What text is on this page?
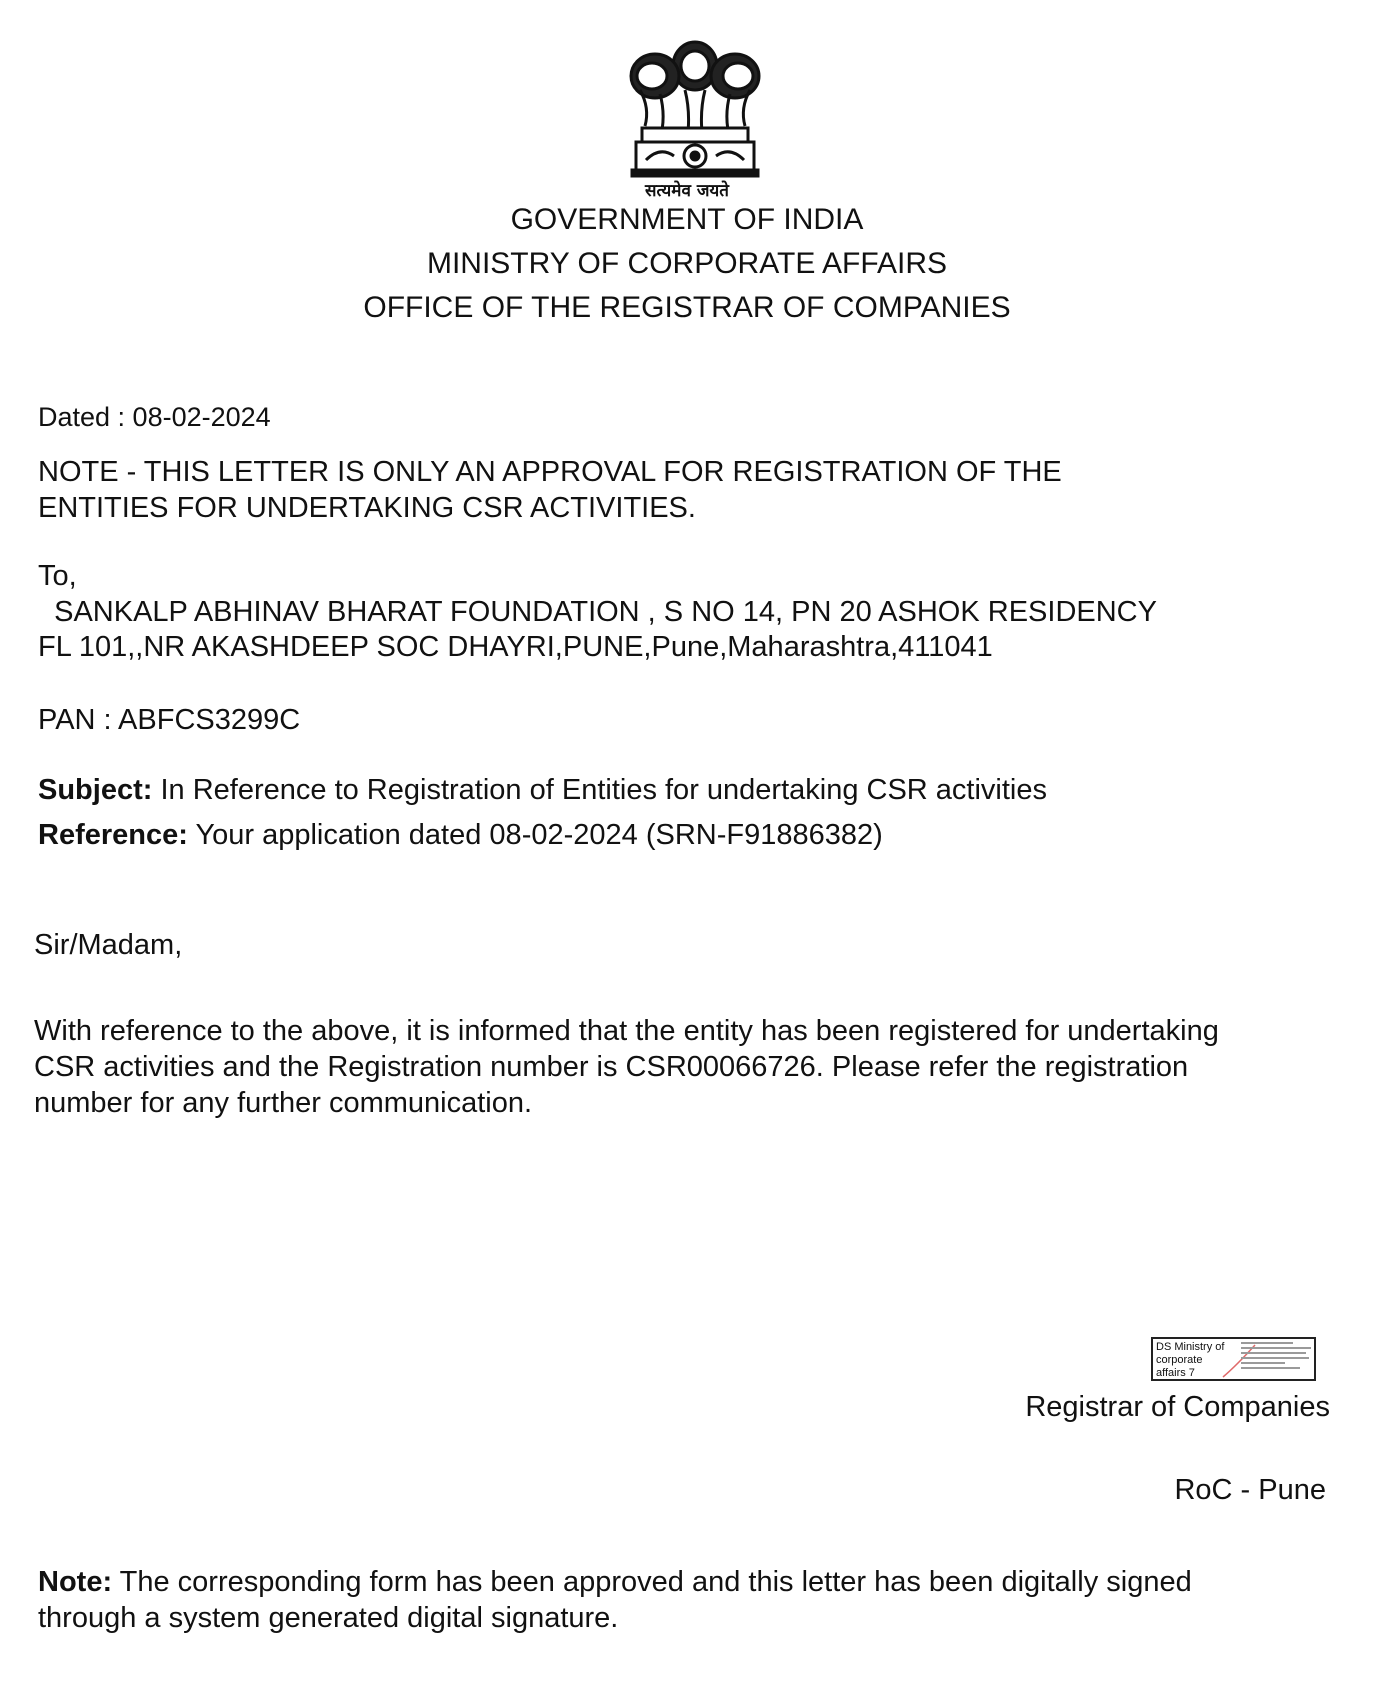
सत्यमेव जयते
GOVERNMENT OF INDIA
MINISTRY OF CORPORATE AFFAIRS
OFFICE OF THE REGISTRAR OF COMPANIES
Dated : 08-02-2024
NOTE - THIS LETTER IS ONLY AN APPROVAL FOR REGISTRATION OF THE
ENTITIES FOR UNDERTAKING CSR ACTIVITIES.
To,
SANKALP ABHINAV BHARAT FOUNDATION , S NO 14, PN 20 ASHOK RESIDENCY
FL 101,,NR AKASHDEEP SOC DHAYRI,PUNE,Pune,Maharashtra,411041
PAN : ABFCS3299C
Subject: In Reference to Registration of Entities for undertaking CSR activities
Reference: Your application dated 08-02-2024 (SRN-F91886382)
Sir/Madam,
With reference to the above, it is informed that the entity has been registered for undertaking
CSR activities and the Registration number is CSR00066726. Please refer the registration
number for any further communication.
DS Ministry of
corporate
affairs 7
Registrar of Companies
RoC - Pune
Note: The corresponding form has been approved and this letter has been digitally signed
through a system generated digital signature.
